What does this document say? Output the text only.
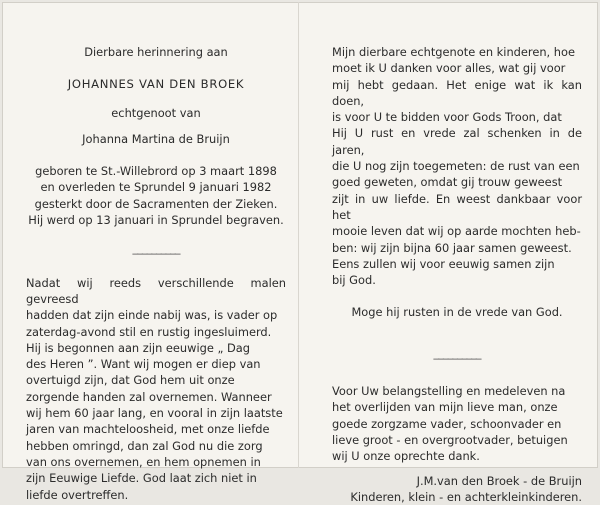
Dierbare herinnering aan

JOHANNES VAN DEN BROEK

echtgenoot van

Johanna Martina de Bruijn

geboren te St.-Willebrord op 3 maart 1898

en overleden te Sprundel 9 januari 1982

gesterkt door de Sacramenten der Zieken.

Hij werd op 13 januari in Sprundel begraven.

__________

Nadat wij reeds verschillende malen gevreesd

hadden dat zijn einde nabij was, is vader op

zaterdag-avond stil en rustig ingesluimerd.

Hij is begonnen aan zijn eeuwige „ Dag

des Heren ”. Want wij mogen er diep van

overtuigd zijn, dat God hem uit onze

zorgende handen zal overnemen. Wanneer

wij hem 60 jaar lang, en vooral in zijn laatste

jaren van machteloosheid, met onze liefde

hebben omringd, dan zal God nu die zorg

van ons overnemen, en hem opnemen in

zijn Eeuwige Liefde. God laat zich niet in

liefde overtreffen.

Mijn dierbare echtgenote en kinderen, hoe

moet ik U danken voor alles, wat gij voor

mij hebt gedaan. Het enige wat ik kan doen,

is voor U te bidden voor Gods Troon, dat

Hij U rust en vrede zal schenken in de jaren,

die U nog zijn toegemeten: de rust van een

goed geweten, omdat gij trouw geweest

zijt in uw liefde. En weest dankbaar voor het

mooie leven dat wij op aarde mochten heb-

ben: wij zijn bijna 60 jaar samen geweest.

Eens zullen wij voor eeuwig samen zijn

bij God.

Moge hij rusten in de vrede van God.

__________

Voor Uw belangstelling en medeleven na

het overlijden van mijn lieve man, onze

goede zorgzame vader, schoonvader en

lieve groot - en overgrootvader, betuigen

wij U onze oprechte dank.

J.M.van den Broek - de Bruijn

Kinderen, klein - en achterkleinkinderen.
